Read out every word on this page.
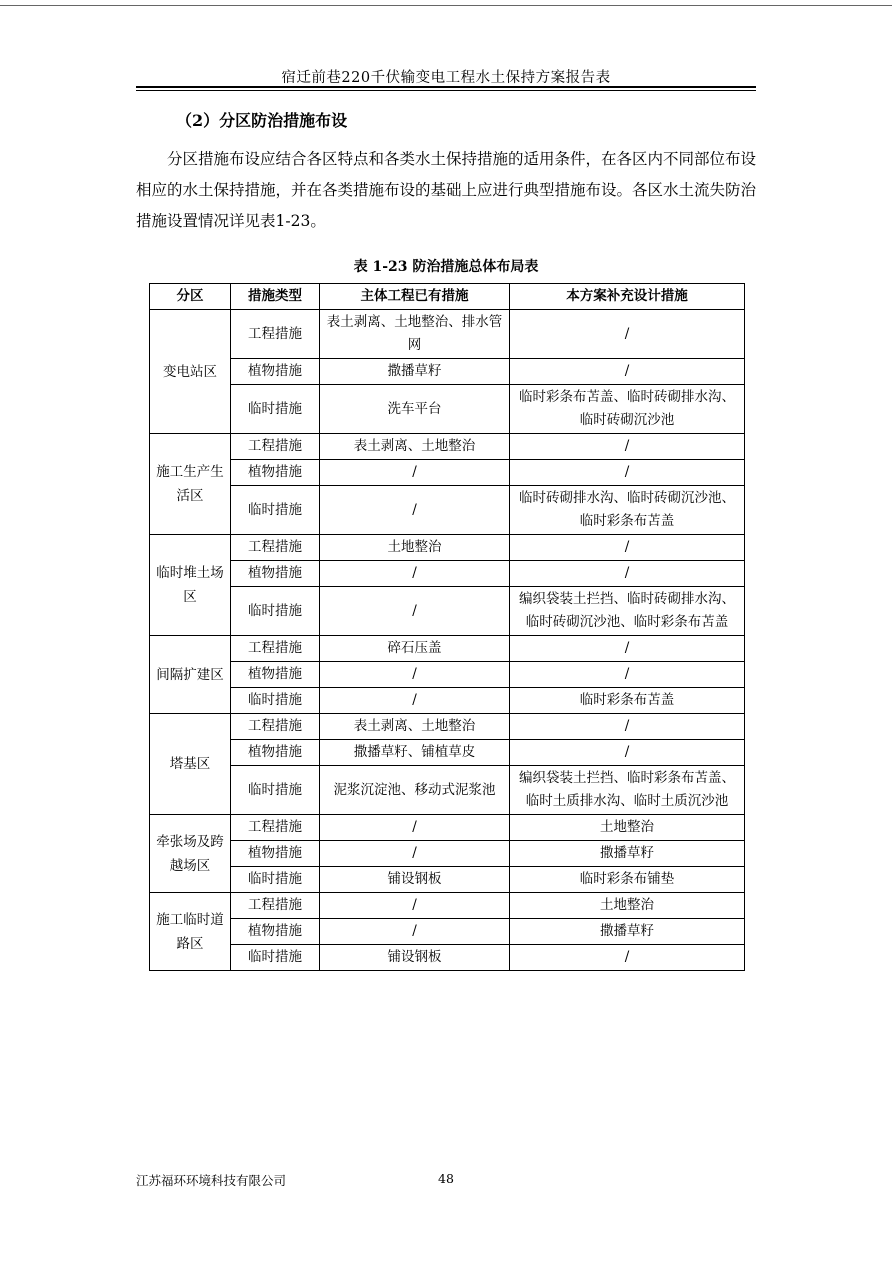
宿迁前巷220千伏输变电工程水土保持方案报告表
（2）分区防治措施布设

分区措施布设应结合各区特点和各类水土保持措施的适用条件，在各区内不同部位布设相应的水土保持措施，并在各类措施布设的基础上应进行典型措施布设。各区水土流失防治措施设置情况详见表1-23。

表 1-23 防治措施总体布局表
分区	措施类型	主体工程已有措施	本方案补充设计措施
变电站区	工程措施	表土剥离、土地整治、排水管网	/
	植物措施	撒播草籽	/
	临时措施	洗车平台	临时彩条布苫盖、临时砖砌排水沟、临时砖砌沉沙池
施工生产生活区	工程措施	表土剥离、土地整治	/
	植物措施	/	/
	临时措施	/	临时砖砌排水沟、临时砖砌沉沙池、临时彩条布苫盖
临时堆土场区	工程措施	土地整治	/
	植物措施	/	/
	临时措施	/	编织袋装土拦挡、临时砖砌排水沟、临时砖砌沉沙池、临时彩条布苫盖
间隔扩建区	工程措施	碎石压盖	/
	植物措施	/	/
	临时措施	/	临时彩条布苫盖
塔基区	工程措施	表土剥离、土地整治	/
	植物措施	撒播草籽、铺植草皮	/
	临时措施	泥浆沉淀池、移动式泥浆池	编织袋装土拦挡、临时彩条布苫盖、临时土质排水沟、临时土质沉沙池
牵张场及跨越场区	工程措施	/	土地整治
	植物措施	/	撒播草籽
	临时措施	铺设钢板	临时彩条布铺垫
施工临时道路区	工程措施	/	土地整治
	植物措施	/	撒播草籽
	临时措施	铺设钢板	/
江苏福环环境科技有限公司	48
